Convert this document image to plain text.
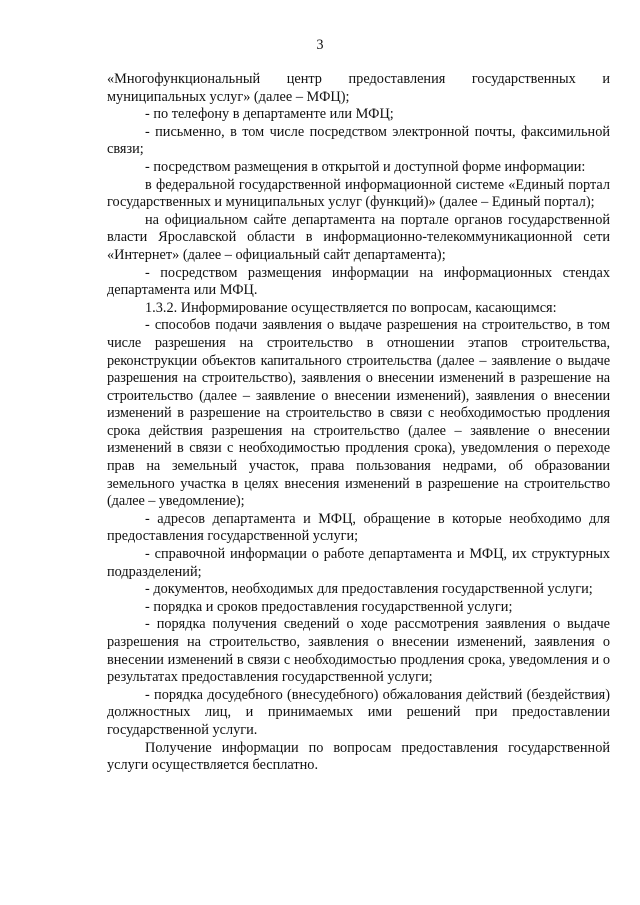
3

«Многофункциональный центр предоставления государственных и муниципальных услуг» (далее – МФЦ);

- по телефону в департаменте или МФЦ;

- письменно, в том числе посредством электронной почты, факсимильной связи;

- посредством размещения в открытой и доступной форме информации:

в федеральной государственной информационной системе «Единый портал государственных и муниципальных услуг (функций)» (далее – Единый портал);

на официальном сайте департамента на портале органов государственной власти Ярославской области в информационно-телекоммуникационной сети «Интернет» (далее – официальный сайт департамента);

- посредством размещения информации на информационных стендах департамента или МФЦ.

1.3.2. Информирование осуществляется по вопросам, касающимся:

- способов подачи заявления о выдаче разрешения на строительство, в том числе разрешения на строительство в отношении этапов строительства, реконструкции объектов капитального строительства (далее – заявление о выдаче разрешения на строительство), заявления о внесении изменений в разрешение на строительство (далее – заявление о внесении изменений), заявления о внесении изменений в разрешение на строительство в связи с необходимостью продления срока действия разрешения на строительство (далее – заявление о внесении изменений в связи с необходимостью продления срока), уведомления о переходе прав на земельный участок, права пользования недрами, об образовании земельного участка в целях внесения изменений в разрешение на строительство (далее – уведомление);

- адресов департамента и МФЦ, обращение в которые необходимо для предоставления государственной услуги;

- справочной информации о работе департамента и МФЦ, их структурных подразделений;

- документов, необходимых для предоставления государственной услуги;

- порядка и сроков предоставления государственной услуги;

- порядка получения сведений о ходе рассмотрения заявления о выдаче разрешения на строительство, заявления о внесении изменений, заявления о внесении изменений в связи с необходимостью продления срока, уведомления и о результатах предоставления государственной услуги;

- порядка досудебного (внесудебного) обжалования действий (бездействия) должностных лиц, и принимаемых ими решений при предоставлении государственной услуги.

Получение информации по вопросам предоставления государственной услуги осуществляется бесплатно.
